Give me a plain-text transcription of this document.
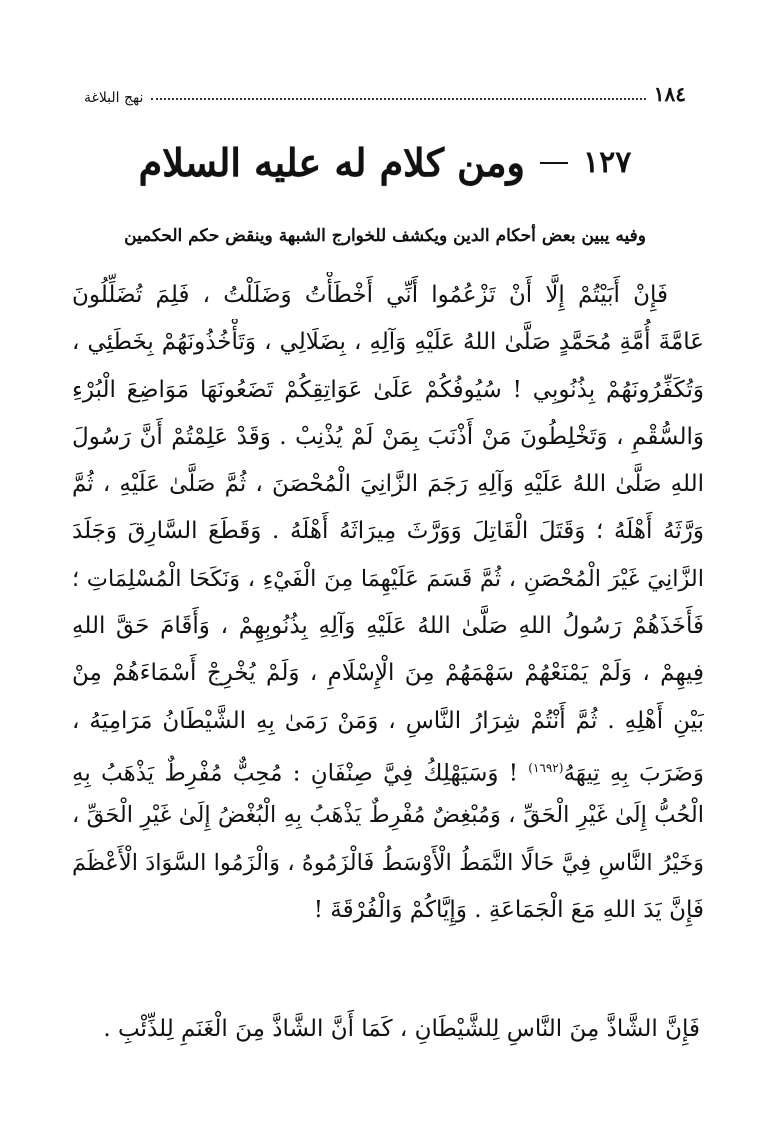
١٨٤
نهج البلاغة
١٢٧  ومن كلام له عليه السلام
وفيه يبين بعض أحكام الدين ويكشف للخوارج الشبهة وينقض حكم الحكمين
فَإِنْ أَبَيْتُمْ إِلَّا أَنْ تَزْعُمُوا أَنِّي أَخْطَأْتُ وَضَلَلْتُ ، فَلِمَ تُضَلِّلُونَ
عَامَّةَ أُمَّةِ مُحَمَّدٍ صَلَّىٰ اللهُ عَلَيْهِ وَآلِهِ ، بِضَلَالِي ، وَتَأْخُذُونَهُمْ بِخَطَئِي ،
وَتُكَفِّرُونَهُمْ بِذُنُوبِي ! سُيُوفُكُمْ عَلَىٰ عَوَاتِقِكُمْ تَضَعُونَهَا مَوَاضِعَ الْبُرْءِ
وَالسُّقْمِ ، وَتَخْلِطُونَ مَنْ أَذْنَبَ بِمَنْ لَمْ يُذْنِبْ . وَقَدْ عَلِمْتُمْ أَنَّ رَسُولَ
اللهِ صَلَّىٰ اللهُ عَلَيْهِ وَآلِهِ رَجَمَ الزَّانِيَ الْمُحْصَنَ ، ثُمَّ صَلَّىٰ عَلَيْهِ ، ثُمَّ
وَرَّثَهُ أَهْلَهُ ؛ وَقَتَلَ الْقَاتِلَ وَوَرَّثَ مِيرَاثَهُ أَهْلَهُ . وَقَطَعَ السَّارِقَ وَجَلَدَ
الزَّانِيَ غَيْرَ الْمُحْصَنِ ، ثُمَّ قَسَمَ عَلَيْهِمَا مِنَ الْفَيْءِ ، وَنَكَحَا الْمُسْلِمَاتِ ؛
فَأَخَذَهُمْ رَسُولُ اللهِ صَلَّىٰ اللهُ عَلَيْهِ وَآلِهِ بِذُنُوبِهِمْ ، وَأَقَامَ حَقَّ اللهِ
فِيهِمْ ، وَلَمْ يَمْنَعْهُمْ سَهْمَهُمْ مِنَ الْإِسْلَامِ ، وَلَمْ يُخْرِجْ أَسْمَاءَهُمْ مِنْ
بَيْنِ أَهْلِهِ . ثُمَّ أَنْتُمْ شِرَارُ النَّاسِ ، وَمَنْ رَمَىٰ بِهِ الشَّيْطَانُ مَرَامِيَهُ ،
وَضَرَبَ بِهِ تِيهَهُ$^{(١٦٩٢)}$ ! وَسَيَهْلِكُ فِيَّ صِنْفَانِ : مُحِبٌّ مُفْرِطٌ يَذْهَبُ بِهِ
الْحُبُّ إِلَىٰ غَيْرِ الْحَقِّ ، وَمُبْغِضٌ مُفْرِطٌ يَذْهَبُ بِهِ الْبُغْضُ إِلَىٰ غَيْرِ الْحَقِّ ،
وَخَيْرُ النَّاسِ فِيَّ حَالًا النَّمَطُ الْأَوْسَطُ فَالْزَمُوهُ ، وَالْزَمُوا السَّوَادَ الْأَعْظَمَ
فَإِنَّ يَدَ اللهِ مَعَ الْجَمَاعَةِ . وَإِيَّاكُمْ وَالْفُرْقَةَ !
فَإِنَّ الشَّاذَّ مِنَ النَّاسِ لِلشَّيْطَانِ ، كَمَا أَنَّ الشَّاذَّ مِنَ الْغَنَمِ لِلذِّئْبِ .
